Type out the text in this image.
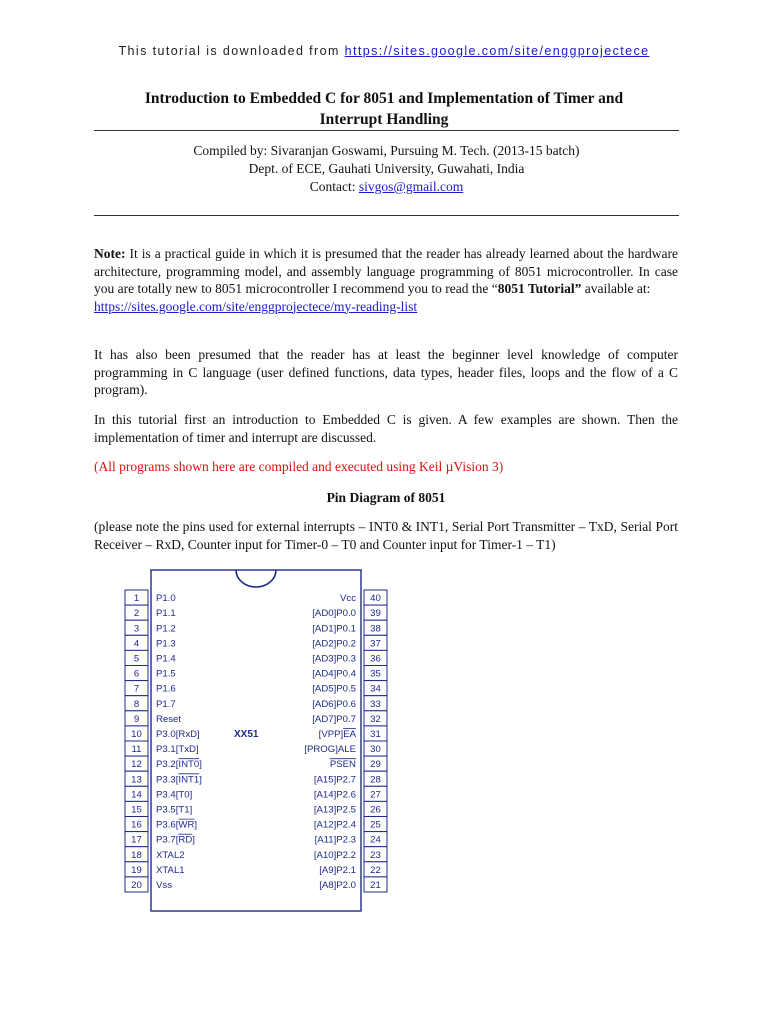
This tutorial is downloaded from https://sites.google.com/site/enggprojectece
Introduction to Embedded C for 8051 and Implementation of Timer and
Interrupt Handling
Compiled by: Sivaranjan Goswami, Pursuing M. Tech. (2013-15 batch)
Dept. of ECE, Gauhati University, Guwahati, India
Contact: sivgos@gmail.com
Note: It is a practical guide in which it is presumed that the reader has already learned about the hardware architecture, programming model, and assembly language programming of 8051 microcontroller. In case you are totally new to 8051 microcontroller I recommend you to read the “8051 Tutorial” available at:
https://sites.google.com/site/enggprojectece/my-reading-list
It has also been presumed that the reader has at least the beginner level knowledge of computer programming in C language (user defined functions, data types, header files, loops and the flow of a C program).
In this tutorial first an introduction to Embedded C is given. A few examples are shown. Then the implementation of timer and interrupt are discussed.
(All programs shown here are compiled and executed using Keil µVision 3)
Pin Diagram of 8051
(please note the pins used for external interrupts – INT0 & INT1, Serial Port Transmitter – TxD, Serial Port Receiver – RxD, Counter input for Timer-0 – T0 and Counter input for Timer-1 – T1)
XX51
1 P1.0
2 P1.1
3 P1.2
4 P1.3
5 P1.4
6 P1.5
7 P1.6
8 P1.7
9 Reset
10 P3.0[RxD]
11 P3.1[TxD]
12 P3.2[INT0]
13 P3.3[INT1]
14 P3.4[T0]
15 P3.5[T1]
16 P3.6[WR]
17 P3.7[RD]
18 XTAL2
19 XTAL1
20 Vss
40
Vcc
39
[AD0]P0.0
38
[AD1]P0.1
37
[AD2]P0.2
36
[AD3]P0.3
35
[AD4]P0.4
34
[AD5]P0.5
33
[AD6]P0.6
32
[AD7]P0.7
31
[VPP]EA
30
[PROG]ALE
29
PSEN
28
[A15]P2.7
27
[A14]P2.6
26
[A13]P2.5
25
[A12]P2.4
24
[A11]P2.3
23
[A10]P2.2
22
[A9]P2.1
21
[A8]P2.0
